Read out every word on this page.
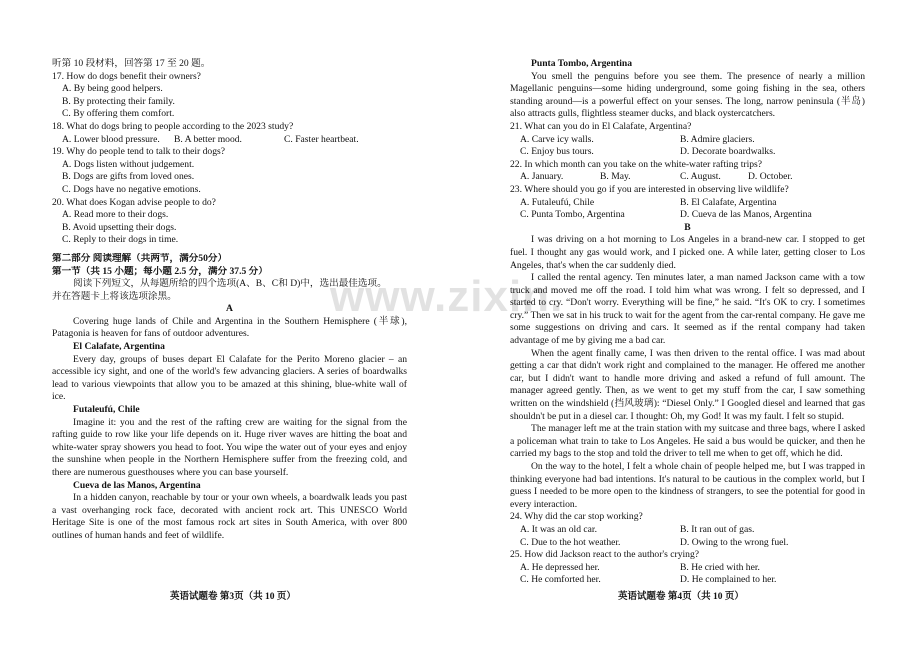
www.zixin.
听第 10 段材料，回答第 17 至 20 题。
17. How do dogs benefit their owners?
A. By being good helpers.
B. By protecting their family.
C. By offering them comfort.
18. What do dogs bring to people according to the 2023 study?
A. Lower blood pressure.	B. A better mood.	C. Faster heartbeat.
19. Why do people tend to talk to their dogs?
A. Dogs listen without judgement.
B. Dogs are gifts from loved ones.
C. Dogs have no negative emotions.
20. What does Kogan advise people to do?
A. Read more to their dogs.
B. Avoid upsetting their dogs.
C. Reply to their dogs in time.
第二部分 阅读理解（共两节，满分50分）
第一节（共 15 小题；每小题 2.5 分，满分 37.5 分）
阅读下列短文，从每题所给的四个选项(A、B、C和 D)中，选出最佳选项。
并在答题卡上将该选项涂黑。
A
Covering huge lands of Chile and Argentina in the Southern Hemisphere (半球), Patagonia is heaven for fans of outdoor adventures.
El Calafate, Argentina
Every day, groups of buses depart El Calafate for the Perito Moreno glacier – an accessible icy sight, and one of the world's few advancing glaciers. A series of boardwalks lead to various viewpoints that allow you to be amazed at this shining, blue-white wall of ice.
Futaleufú, Chile
Imagine it: you and the rest of the rafting crew are waiting for the signal from the rafting guide to row like your life depends on it. Huge river waves are hitting the boat and white-water spray showers you head to foot. You wipe the water out of your eyes and enjoy the sunshine when people in the Northern Hemisphere suffer from the freezing cold, and there are numerous guesthouses where you can base yourself.
Cueva de las Manos, Argentina
In a hidden canyon, reachable by tour or your own wheels, a boardwalk leads you past a vast overhanging rock face, decorated with ancient rock art. This UNESCO World Heritage Site is one of the most famous rock art sites in South America, with over 800 outlines of human hands and feet of wildlife.
英语试题卷 第3页（共 10 页）
Punta Tombo, Argentina
You smell the penguins before you see them. The presence of nearly a million Magellanic penguins—some hiding underground, some going fishing in the sea, others standing around—is a powerful effect on your senses. The long, narrow peninsula (半岛) also attracts gulls, flightless steamer ducks, and black oystercatchers.
21. What can you do in El Calafate, Argentina?
A. Carve icy walls.	B. Admire glaciers.
C. Enjoy bus tours.	D. Decorate boardwalks.
22. In which month can you take on the white-water rafting trips?
A. January.	B. May.	C. August.	D. October.
23. Where should you go if you are interested in observing live wildlife?
A. Futaleufú, Chile	B. El Calafate, Argentina
C. Punta Tombo, Argentina	D. Cueva de las Manos, Argentina
B
I was driving on a hot morning to Los Angeles in a brand-new car. I stopped to get fuel. I thought any gas would work, and I picked one. A while later, getting closer to Los Angeles, that's when the car suddenly died.
I called the rental agency. Ten minutes later, a man named Jackson came with a tow truck and moved me off the road. I told him what was wrong. I felt so depressed, and I started to cry. “Don't worry. Everything will be fine,” he said. “It's OK to cry. I sometimes cry.” Then we sat in his truck to wait for the agent from the car-rental company. He gave me some suggestions on driving and cars. It seemed as if the rental company had taken advantage of me by giving me a bad car.
When the agent finally came, I was then driven to the rental office. I was mad about getting a car that didn't work right and complained to the manager. He offered me another car, but I didn't want to handle more driving and asked a refund of full amount. The manager agreed gently. Then, as we went to get my stuff from the car, I saw something written on the windshield (挡风玻璃): “Diesel Only.” I Googled diesel and learned that gas shouldn't be put in a diesel car. I thought: Oh, my God! It was my fault. I felt so stupid.
The manager left me at the train station with my suitcase and three bags, where I asked a policeman what train to take to Los Angeles. He said a bus would be quicker, and then he carried my bags to the stop and told the driver to tell me when to get off, which he did.
On the way to the hotel, I felt a whole chain of people helped me, but I was trapped in thinking everyone had bad intentions. It's natural to be cautious in the complex world, but I guess I needed to be more open to the kindness of strangers, to see the potential for good in every interaction.
24. Why did the car stop working?
A. It was an old car.	B. It ran out of gas.
C. Due to the hot weather.	D. Owing to the wrong fuel.
25. How did Jackson react to the author's crying?
A. He depressed her.	B. He cried with her.
C. He comforted her.	D. He complained to her.
英语试题卷 第4页（共 10 页）
